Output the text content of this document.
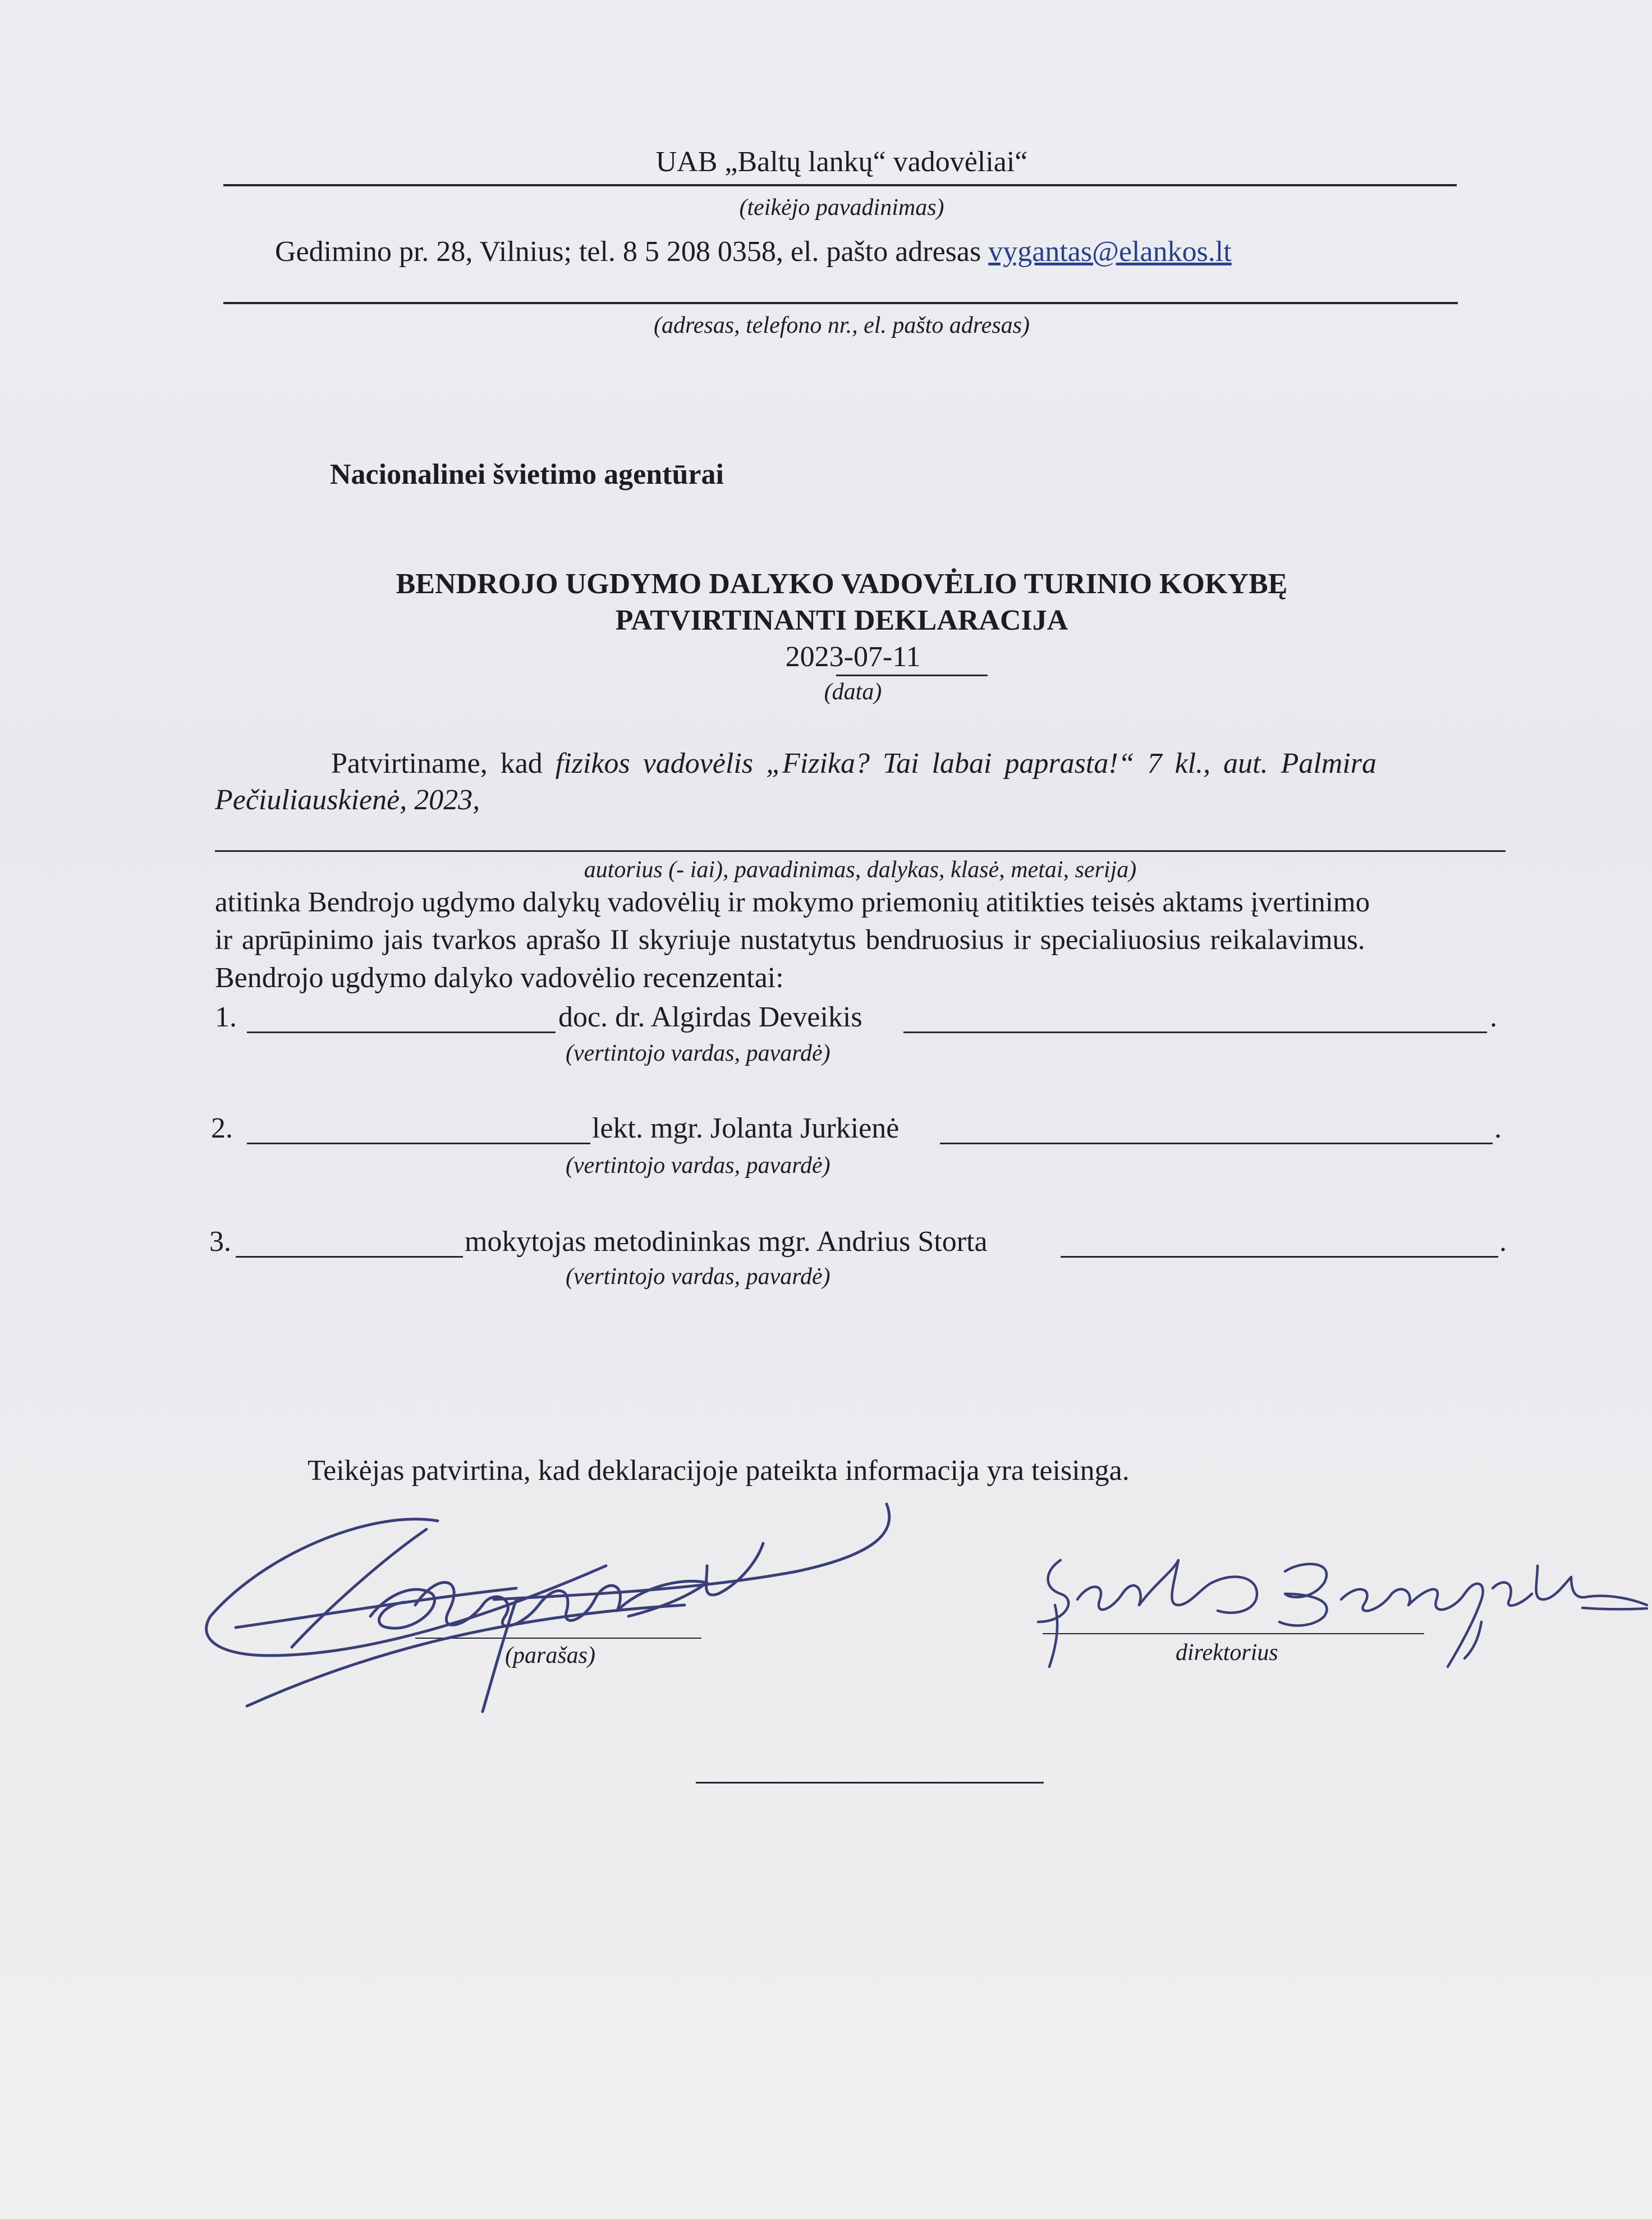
UAB „Baltų lankų“ vadovėliai“
(teikėjo pavadinimas)
Gedimino pr. 28, Vilnius; tel. 8 5 208 0358, el. pašto adresas vygantas@elankos.lt
(adresas, telefono nr., el. pašto adresas)
Nacionalinei švietimo agentūrai
BENDROJO UGDYMO DALYKO VADOVĖLIO TURINIO KOKYBĘ
PATVIRTINANTI DEKLARACIJA
2023-07-11
(data)
Patvirtiname, kad fizikos vadovėlis „Fizika? Tai labai paprasta!“ 7 kl., aut. Palmira
Pečiuliauskienė, 2023,
autorius (- iai), pavadinimas, dalykas, klasė, metai, serija)
atitinka Bendrojo ugdymo dalykų vadovėlių ir mokymo priemonių atitikties teisės aktams įvertinimo
ir aprūpinimo jais tvarkos aprašo II skyriuje nustatytus bendruosius ir specialiuosius reikalavimus.
Bendrojo ugdymo dalyko vadovėlio recenzentai:
1.	doc. dr. Algirdas Deveikis	.
(vertintojo vardas, pavardė)
2.	lekt. mgr. Jolanta Jurkienė	.
(vertintojo vardas, pavardė)
3.	mokytojas metodininkas mgr. Andrius Storta	.
(vertintojo vardas, pavardė)
Teikėjas patvirtina, kad deklaracijoje pateikta informacija yra teisinga.
(parašas)	direktorius
